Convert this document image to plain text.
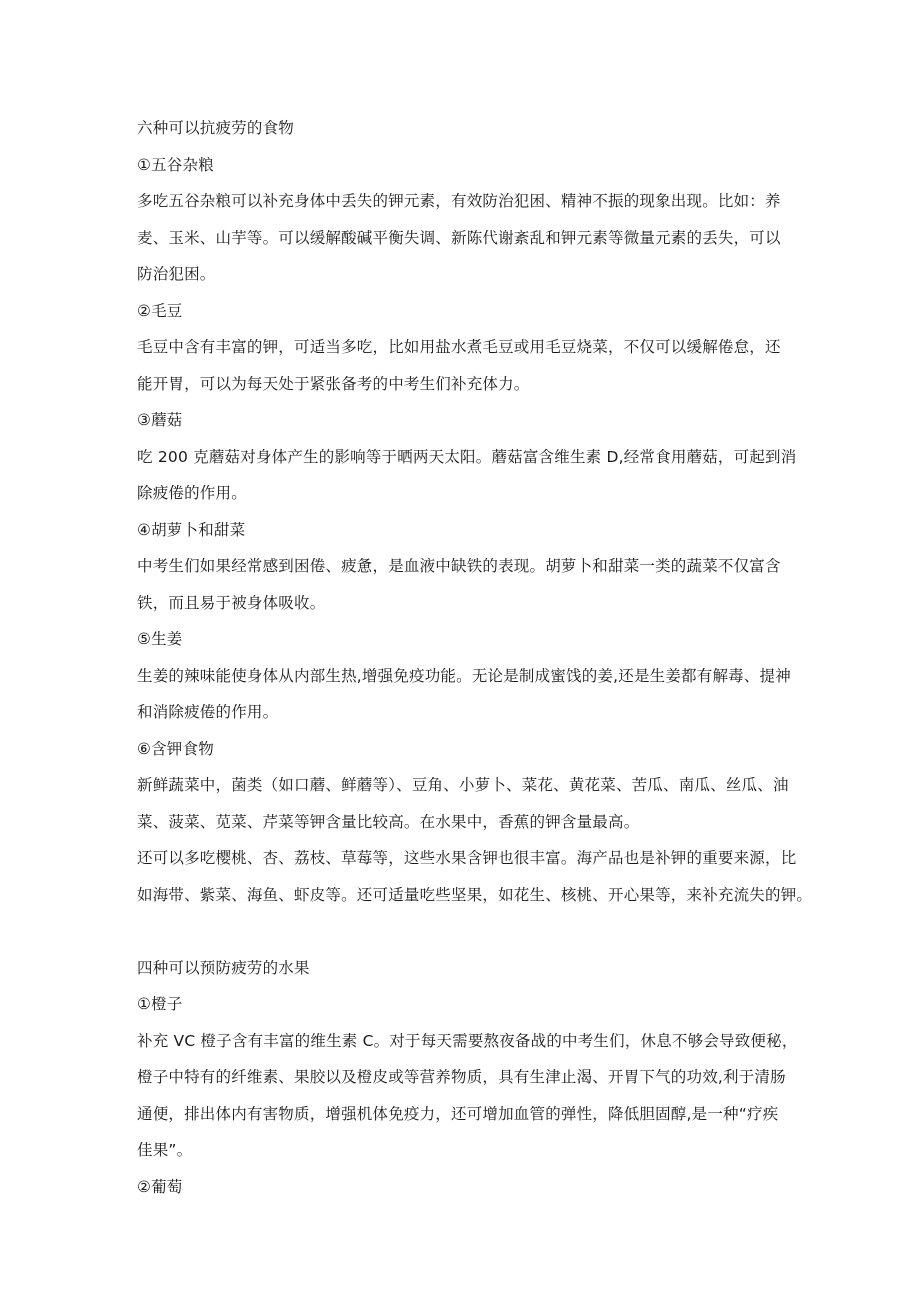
六种可以抗疲劳的食物
①五谷杂粮
多吃五谷杂粮可以补充身体中丢失的钾元素，有效防治犯困、精神不振的现象出现。比如：养
麦、玉米、山芋等。可以缓解酸碱平衡失调、新陈代谢紊乱和钾元素等微量元素的丢失，可以
防治犯困。
②毛豆
毛豆中含有丰富的钾，可适当多吃，比如用盐水煮毛豆或用毛豆烧菜，不仅可以缓解倦怠，还
能开胃，可以为每天处于紧张备考的中考生们补充体力。
③蘑菇
吃 200 克蘑菇对身体产生的影响等于晒两天太阳。蘑菇富含维生素 D,经常食用蘑菇，可起到消
除疲倦的作用。
④胡萝卜和甜菜
中考生们如果经常感到困倦、疲惫，是血液中缺铁的表现。胡萝卜和甜菜一类的蔬菜不仅富含
铁，而且易于被身体吸收。
⑤生姜
生姜的辣味能使身体从内部生热,增强免疫功能。无论是制成蜜饯的姜,还是生姜都有解毒、提神
和消除疲倦的作用。
⑥含钾食物
新鲜蔬菜中，菌类（如口蘑、鲜蘑等）、豆角、小萝卜、菜花、黄花菜、苦瓜、南瓜、丝瓜、油
菜、菠菜、苋菜、芹菜等钾含量比较高。在水果中，香蕉的钾含量最高。
还可以多吃樱桃、杏、荔枝、草莓等，这些水果含钾也很丰富。海产品也是补钾的重要来源，比
如海带、紫菜、海鱼、虾皮等。还可适量吃些坚果，如花生、核桃、开心果等，来补充流失的钾。
四种可以预防疲劳的水果
①橙子
补充 VC 橙子含有丰富的维生素 C。对于每天需要熬夜备战的中考生们，休息不够会导致便秘，
橙子中特有的纤维素、果胶以及橙皮或等营养物质，具有生津止渴、开胃下气的功效,利于清肠
通便，排出体内有害物质，增强机体免疫力，还可增加血管的弹性，降低胆固醇,是一种“疗疾
佳果”。
②葡萄
